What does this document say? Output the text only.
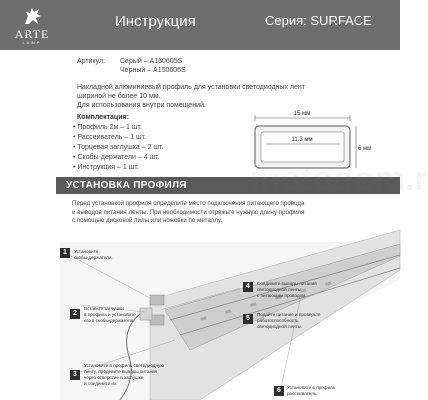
ARTE
LAMP
Инструкция	Серия: SURFACE
Артикул: Серый – A150605S
Черный – A150606S
Накладной алюминиевый профиль для установки светодиодных лент
шириной не более 10 мм.
Для использования внутри помещений.
Комплектация:
• Профиль 2м – 1 шт.
• Рассеиватель – 1 шт.
• Торцевая заглушка – 2 шт.
• Скобы-держатели – 4 шт.
• Инструкция – 1 шт.
15 мм
11.3 мм
6 мм
УСТАНОВКА ПРОФИЛЯ
Перед установкой профиля определите место подключения питающего провода
и выводов питания ленты. При необходимости отрежьте нужную длину профиля
с помощью дисковой пилы или ножовки по металлу.
1	Установите
скобы-держатели.
2
Вставьте заглушки
в профиль и установите
его в скобы-держатели.
3
Установите в профиль светодиодную
ленту, продевите выводы питания
через отверстие в заглушке
и соедините их.
4	Соедините выводы питания
светодиодной ленты
с питающим проводом.
5
Подайте питание и проверьте
работоспособность
светодиодной ленты.
6	Установите в профиль
рассеиватель.
